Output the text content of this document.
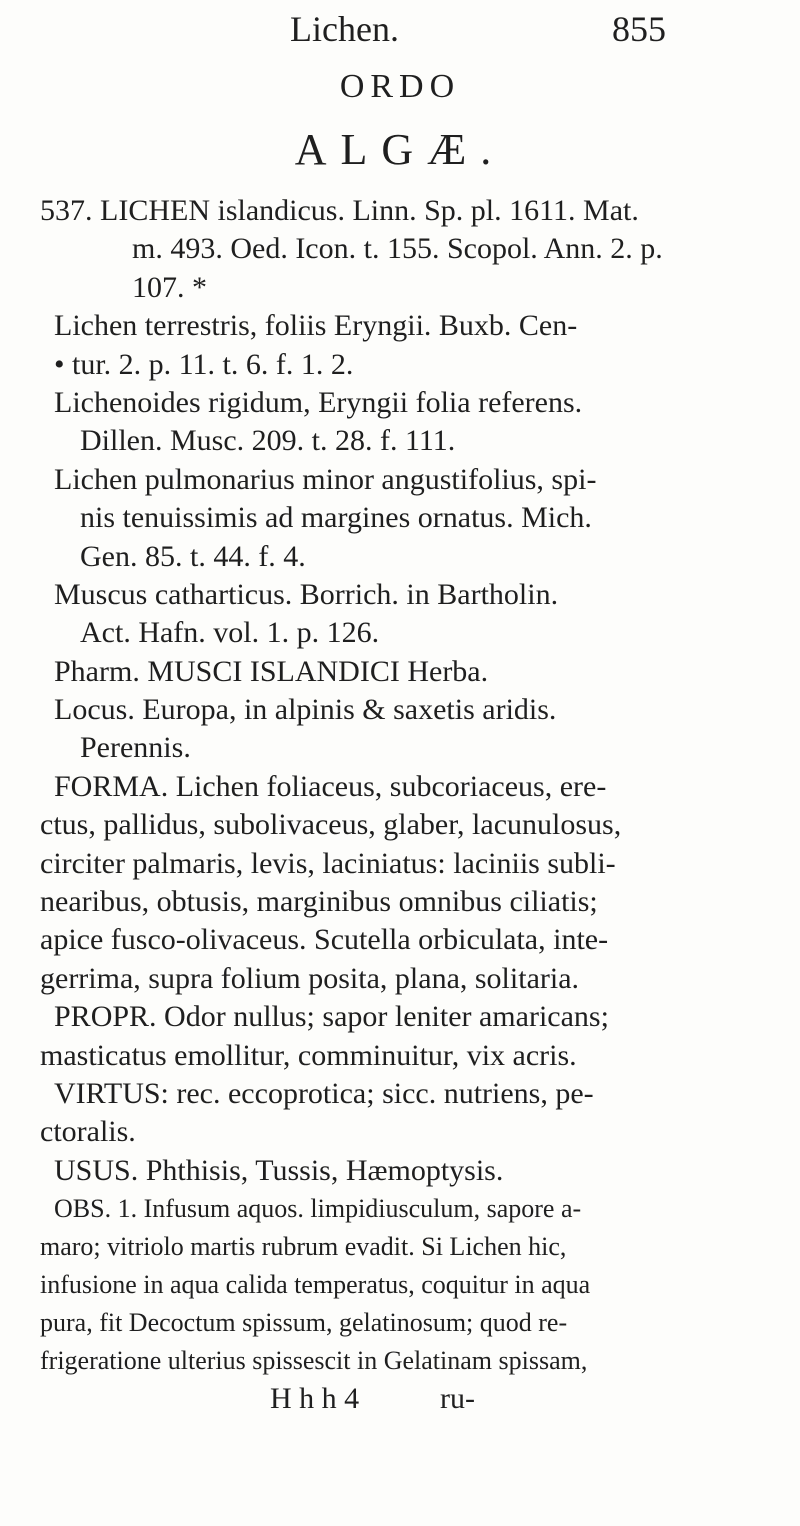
Lichen.	855
ORDO
ALGÆ.
537. LICHEN islandicus. Linn. Sp. pl. 1611. Mat.
m. 493. Oed. Icon. t. 155. Scopol. Ann. 2. p.
107. *
Lichen terrestris, foliis Eryngii. Buxb. Cen-
• tur. 2. p. 11. t. 6. f. 1. 2.
Lichenoides rigidum, Eryngii folia referens.
Dillen. Musc. 209. t. 28. f. 111.
Lichen pulmonarius minor angustifolius, spi-
nis tenuissimis ad margines ornatus. Mich.
Gen. 85. t. 44. f. 4.
Muscus catharticus. Borrich. in Bartholin.
Act. Hafn. vol. 1. p. 126.
Pharm. MUSCI ISLANDICI Herba.
Locus. Europa, in alpinis & saxetis aridis.
Perennis.
FORMA. Lichen foliaceus, subcoriaceus, ere-
ctus, pallidus, subolivaceus, glaber, lacunulosus,
circiter palmaris, levis, laciniatus: laciniis subli-
nearibus, obtusis, marginibus omnibus ciliatis;
apice fusco-olivaceus. Scutella orbiculata, inte-
gerrima, supra folium posita, plana, solitaria.
PROPR. Odor nullus; sapor leniter amaricans;
masticatus emollitur, comminuitur, vix acris.
VIRTUS: rec. eccoprotica; sicc. nutriens, pe-
ctoralis.
USUS. Phthisis, Tussis, Hæmoptysis.
OBS. 1. Infusum aquos. limpidiusculum, sapore a-
maro; vitriolo martis rubrum evadit. Si Lichen hic,
infusione in aqua calida temperatus, coquitur in aqua
pura, fit Decoctum spissum, gelatinosum; quod re-
frigeratione ulterius spissescit in Gelatinam spissam,
H h h 4	ru-
